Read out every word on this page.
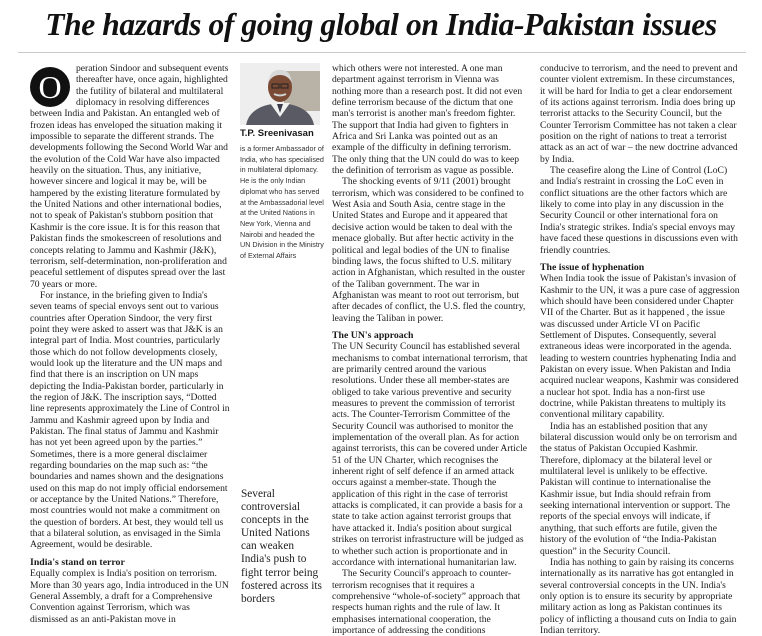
The hazards of going global on India-Pakistan issues

O
peration Sindoor and subsequent events thereafter have, once again, highlighted the futility of bilateral and multilateral diplomacy in resolving differences between India and Pakistan. An entangled web of frozen ideas has enveloped the situation making it impossible to separate the different strands. The developments following the Second World War and the evolution of the Cold War have also impacted heavily on the situation. Thus, any initiative, however sincere and logical it may be, will be hampered by the existing literature formulated by the United Nations and other international bodies, not to speak of Pakistan's stubborn position that Kashmir is the core issue. It is for this reason that Pakistan finds the smokescreen of resolutions and concepts relating to Jammu and Kashmir (J&K), terrorism, self-determination, non-proliferation and peaceful settlement of disputes spread over the last 70 years or more.

For instance, in the briefing given to India's seven teams of special envoys sent out to various countries after Operation Sindoor, the very first point they were asked to assert was that J&K is an integral part of India. Most countries, particularly those which do not follow developments closely, would look up the literature and the UN maps and find that there is an inscription on UN maps depicting the India-Pakistan border, particularly in the region of J&K. The inscription says, “Dotted line represents approximately the Line of Control in Jammu and Kashmir agreed upon by India and Pakistan. The final status of Jammu and Kashmir has not yet been agreed upon by the parties.” Sometimes, there is a more general disclaimer regarding boundaries on the map such as: “the boundaries and names shown and the designations used on this map do not imply official endorsement or acceptance by the United Nations.” Therefore, most countries would not make a commitment on the question of borders. At best, they would tell us that a bilateral solution, as envisaged in the Simla Agreement, would be desirable.

India's stand on terror

Equally complex is India's position on terrorism. More than 30 years ago, India introduced in the UN General Assembly, a draft for a Comprehensive Convention against Terrorism, which was dismissed as an anti-Pakistan move in

T.P. Sreenivasan
is a former Ambassador of India, who has specialised in multilateral diplomacy. He is the only Indian diplomat who has served at the Ambassadorial level at the United Nations in New York, Vienna and Nairobi and headed the UN Division in the Ministry of External Affairs
Several controversial concepts in the United Nations can weaken India's push to fight terror being fostered across its borders

which others were not interested. A one man department against terrorism in Vienna was nothing more than a research post. It did not even define terrorism because of the dictum that one man's terrorist is another man's freedom fighter. The support that India had given to fighters in Africa and Sri Lanka was pointed out as an example of the difficulty in defining terrorism. The only thing that the UN could do was to keep the definition of terrorism as vague as possible.

The shocking events of 9/11 (2001) brought terrorism, which was considered to be confined to West Asia and South Asia, centre stage in the United States and Europe and it appeared that decisive action would be taken to deal with the menace globally. But after hectic activity in the political and legal bodies of the UN to finalise binding laws, the focus shifted to U.S. military action in Afghanistan, which resulted in the ouster of the Taliban government. The war in Afghanistan was meant to root out terrorism, but after decades of conflict, the U.S. fled the country, leaving the Taliban in power.

The UN's approach

The UN Security Council has established several mechanisms to combat international terrorism, that are primarily centred around the various resolutions. Under these all member-states are obliged to take various preventive and security measures to prevent the commission of terrorist acts. The Counter-Terrorism Committee of the Security Council was authorised to monitor the implementation of the overall plan. As for action against terrorists, this can be covered under Article 51 of the UN Charter, which recognises the inherent right of self defence if an armed attack occurs against a member-state. Though the application of this right in the case of terrorist attacks is complicated, it can provide a basis for a state to take action against terrorist groups that have attacked it. India's position about surgical strikes on terrorist infrastructure will be judged as to whether such action is proportionate and in accordance with international humanitarian law.

The Security Council's approach to counter-terrorism recognises that it requires a comprehensive “whole-of-society” approach that respects human rights and the rule of law. It emphasises international cooperation, the importance of addressing the conditions

conducive to terrorism, and the need to prevent and counter violent extremism. In these circumstances, it will be hard for India to get a clear endorsement of its actions against terrorism. India does bring up terrorist attacks to the Security Council, but the Counter Terrorism Committee has not taken a clear position on the right of nations to treat a terrorist attack as an act of war – the new doctrine advanced by India.

The ceasefire along the Line of Control (LoC) and India's restraint in crossing the LoC even in conflict situations are the other factors which are likely to come into play in any discussion in the Security Council or other international fora on India's strategic strikes. India's special envoys may have faced these questions in discussions even with friendly countries.

The issue of hyphenation

When India took the issue of Pakistan's invasion of Kashmir to the UN, it was a pure case of aggression which should have been considered under Chapter VII of the Charter. But as it happened , the issue was discussed under Article VI on Pacific Settlement of Disputes. Consequently, several extraneous ideas were incorporated in the agenda. leading to western countries hyphenating India and Pakistan on every issue. When Pakistan and India acquired nuclear weapons, Kashmir was considered a nuclear hot spot. India has a non-first use doctrine, while Pakistan threatens to multiply its conventional military capability.

India has an established position that any bilateral discussion would only be on terrorism and the status of Pakistan Occupied Kashmir. Therefore, diplomacy at the bilateral level or multilateral level is unlikely to be effective. Pakistan will continue to internationalise the Kashmir issue, but India should refrain from seeking international intervention or support. The reports of the special envoys will indicate, if anything, that such efforts are futile, given the history of the evolution of “the India-Pakistan question” in the Security Council.

India has nothing to gain by raising its concerns internationally as its narrative has got entangled in several controversial concepts in the UN. India's only option is to ensure its security by appropriate military action as long as Pakistan continues its policy of inflicting a thousand cuts on India to gain Indian territory.
